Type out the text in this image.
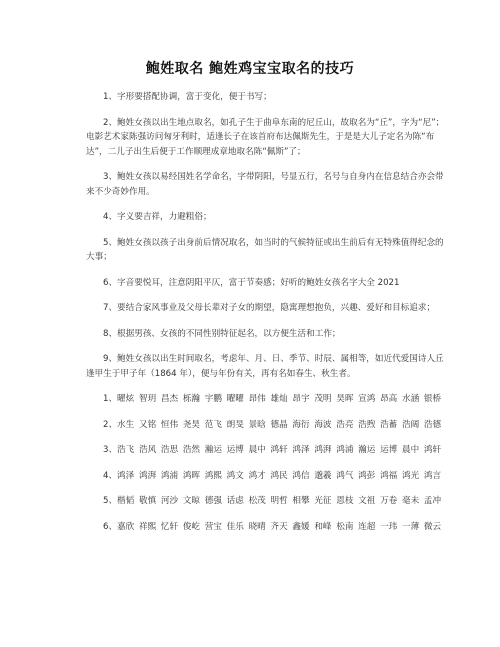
鲍姓取名 鲍姓鸡宝宝取名的技巧

1、字形要搭配协调，富于变化，便于书写；

2、鲍姓女孩以出生地点取名，如孔子生于曲阜东南的尼丘山，故取名为“丘”，字为“尼”；电影艺术家陈强访问匈牙利时，适逢长子在该首府布达佩斯先生，于是是大儿子定名为陈“布达”，二儿子出生后便于工作顺理成章地取名陈“佩斯”了；

3、鲍姓女孩以易经国姓名学命名，字带阴阳，号显五行，名号与自身内在信息结合亦会带来不少奇妙作用。

4、字义要吉祥，力避粗俗；

5、鲍姓女孩以孩子出身前后情况取名，如当时的气候特征或出生前后有无特殊值得纪念的大事；

6、字音要悦耳，注意阴阳平仄，富于节奏感；好听的鲍姓女孩名字大全 2021

7、要结合家风事业及父母长辈对子女的期望，隐寓理想抱负，兴趣、爱好和目标追求；

8、根据男孩、女孩的不同性别特征起名，以方便生活和工作；

9、鲍姓女孩以出生时间取名，考虑年、月、日、季节、时辰、属相等，如近代爱国诗人丘逢甲生于甲子年（1864 年），便与年份有关，再有名如春生、秋生者。

1、曜炫 智玥 昌杰 栎瀚 宇鹏 曜曜 昂伟 雄灿 昂宇 茂明 昊晖 宣鸿 昂高 水涵 银桥

2、水生 又铭 恒伟 尧昊 范飞 朗旻 景晗 德晶 海衍 海波 浩亮 浩煦 浩蓄 浩阔 浩德

3、浩飞 浩风 浩思 浩然 瀚运 运博 晨中 鸿轩 鸿泽 鸿湃 鸿浦 瀚运 运博 晨中 鸿轩

4、鸿泽 鸿湃 鸿浦 鸿晖 鸿熙 鸿文 鸿才 鸿民 鸿信 邈羲 鸿气 鸿彭 鸿福 鸿光 鸿言

5、楷韬 敬慎 河沙 文晾 德强 话虑 松茂 明哲 相攀 光征 恩枝 文祖 万卷 毫未 孟冲

6、嘉欣 祥熙 忆轩 俊屹 营宝 佳乐 晓晴 齐天 鑫媛 和峰 松南 连超 一玮 一薄 微云
